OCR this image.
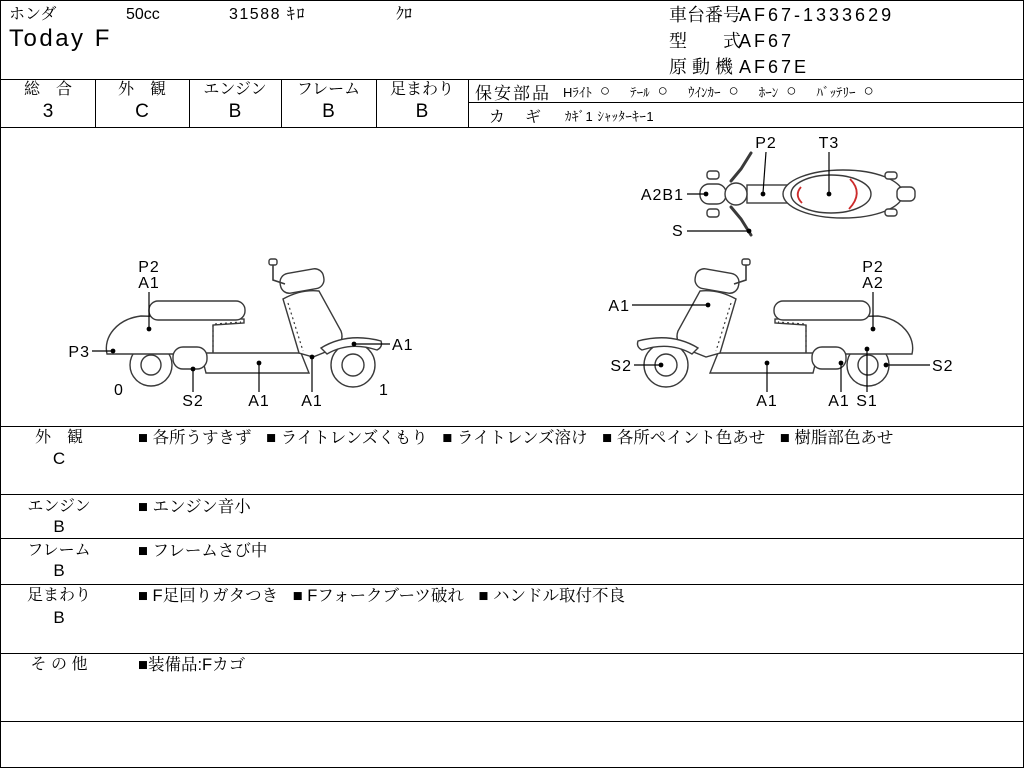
ホンダ	50cc	31588 ｷﾛ	ｸﾛ
Today F
車台番号AF67-1333629
型　　式AF67
原 動 機 AF67E
総　合
3
外　観
C
エンジン
B
フレーム
B
足まわり
B
保安部品 Hﾗｲﾄ ○ ﾃｰﾙ ○ ｳｲﾝｶｰ ○ ﾎｰﾝ ○ ﾊﾞｯﾃﾘｰ ○
カ　ギ ｶｷﾞ1 ｼｬｯﾀｰｷｰ1
P2	T3
A2B1
S
P2
A1
P3
0
S2	A1 A1
1
A1
A1
P2
A2
S2	S2
A1	A1 S1
外　観
C
■ 各所うすきず ■ ライトレンズくもり ■ ライトレンズ溶け ■ 各所ペイント色あせ ■ 樹脂部色あせ
エンジン
B
■ エンジン音小
フレーム
B
■ フレームさび中
足まわり
B
■ F足回りガタつき ■ Fフォークブーツ破れ ■ ハンドル取付不良
そ の 他	■装備品:Fカゴ
